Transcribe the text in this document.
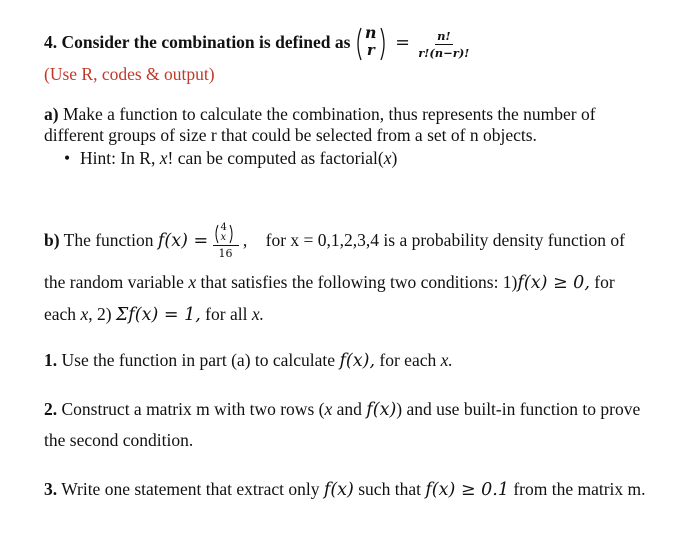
4. Consider the combination is defined as n
$r = \frac{n!}{r!(n-r)!}$
(Use R, codes & output)
a) Make a function to calculate the combination, thus represents the number of
different groups of size r that could be selected from a set of n objects.
• Hint: In R, x! can be computed as factorial(x)
b) The function f(x) = 4
x
16 , for x = 0,1,2,3,4 is a probability density function of
the random variable x that satisfies the following two conditions: 1)f(x) ≥ 0, for
each x, 2) Σf(x) = 1, for all x.
1. Use the function in part (a) to calculate f(x), for each x.
2. Construct a matrix m with two rows (x and f(x)) and use built-in function to prove
the second condition.
3. Write one statement that extract only f(x) such that f(x) ≥ 0.1 from the matrix m.
